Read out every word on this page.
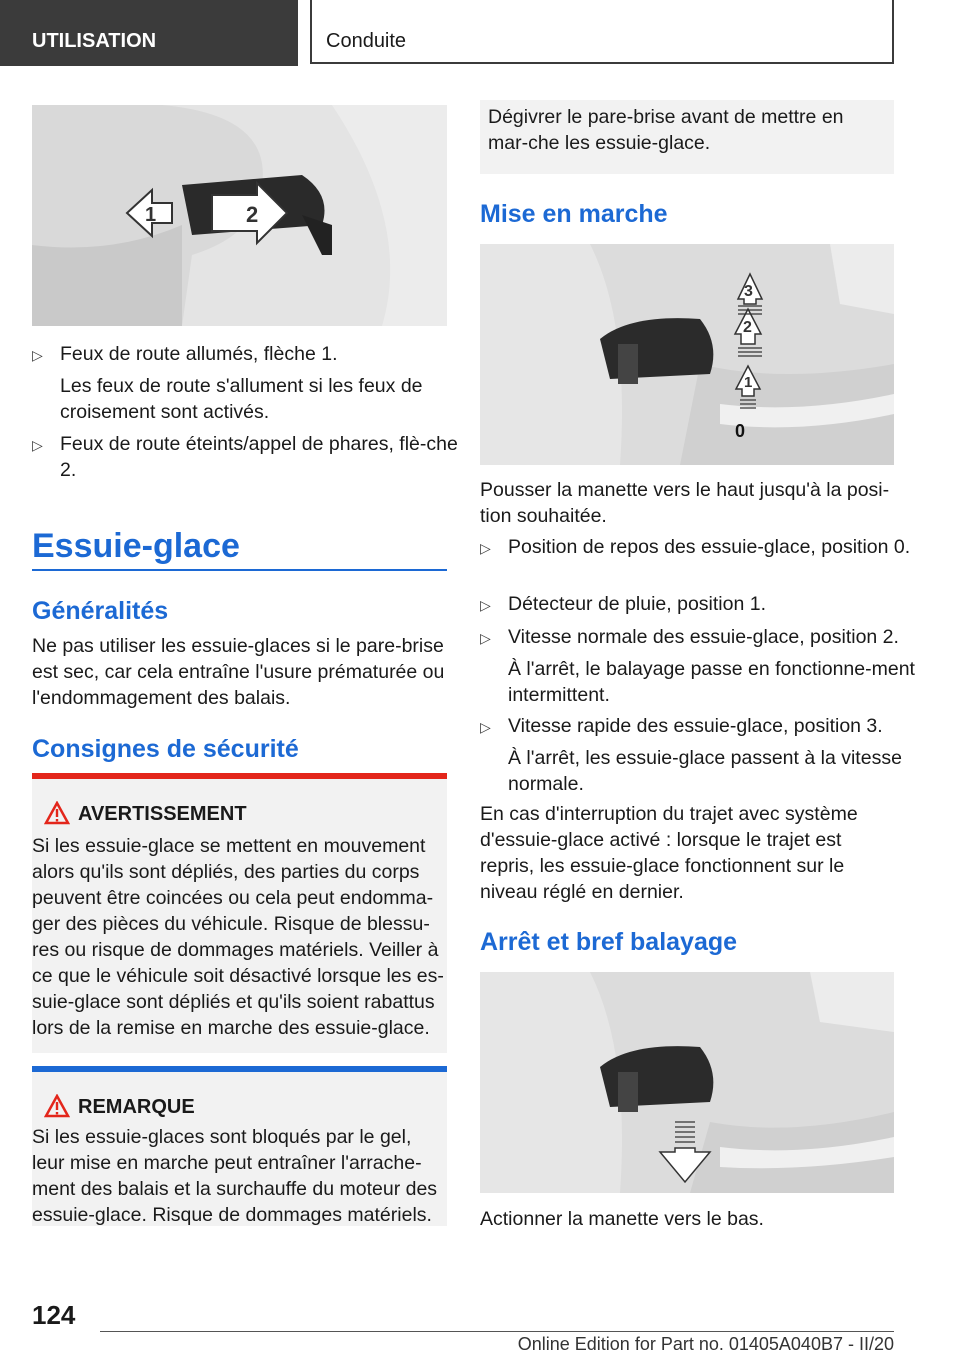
UTILISATION	Conduite
1	2
▷ Feux de route allumés, flèche 1.
Les feux de route s'allument si les feux de croisement sont activés.
▷ Feux de route éteints/appel de phares, flè-che 2.
Essuie-glace
Généralités
Ne pas utiliser les essuie-glaces si le pare-brise est sec, car cela entraîne l'usure prématurée ou l'endommagement des balais.
Consignes de sécurité
AVERTISSEMENT
Si les essuie-glace se mettent en mouvement alors qu'ils sont dépliés, des parties du corps peuvent être coincées ou cela peut endomma-ger des pièces du véhicule. Risque de blessu-res ou risque de dommages matériels. Veiller à ce que le véhicule soit désactivé lorsque les es-suie-glace sont dépliés et qu'ils soient rabattus lors de la remise en marche des essuie-glace.
REMARQUE
Si les essuie-glaces sont bloqués par le gel, leur mise en marche peut entraîner l'arrache-ment des balais et la surchauffe du moteur des essuie-glace. Risque de dommages matériels.
Dégivrer le pare-brise avant de mettre en mar-che les essuie-glace.
Mise en marche
3
2
1
0
Pousser la manette vers le haut jusqu'à la posi-tion souhaitée.
▷ Position de repos des essuie-glace, position 0.
▷ Détecteur de pluie, position 1.
▷ Vitesse normale des essuie-glace, position 2.
À l'arrêt, le balayage passe en fonctionne-ment intermittent.
▷ Vitesse rapide des essuie-glace, position 3.
À l'arrêt, les essuie-glace passent à la vitesse normale.
En cas d'interruption du trajet avec système d'essuie-glace activé : lorsque le trajet est repris, les essuie-glace fonctionnent sur le niveau réglé en dernier.
Arrêt et bref balayage
Actionner la manette vers le bas.
124
Online Edition for Part no. 01405A040B7 - II/20
